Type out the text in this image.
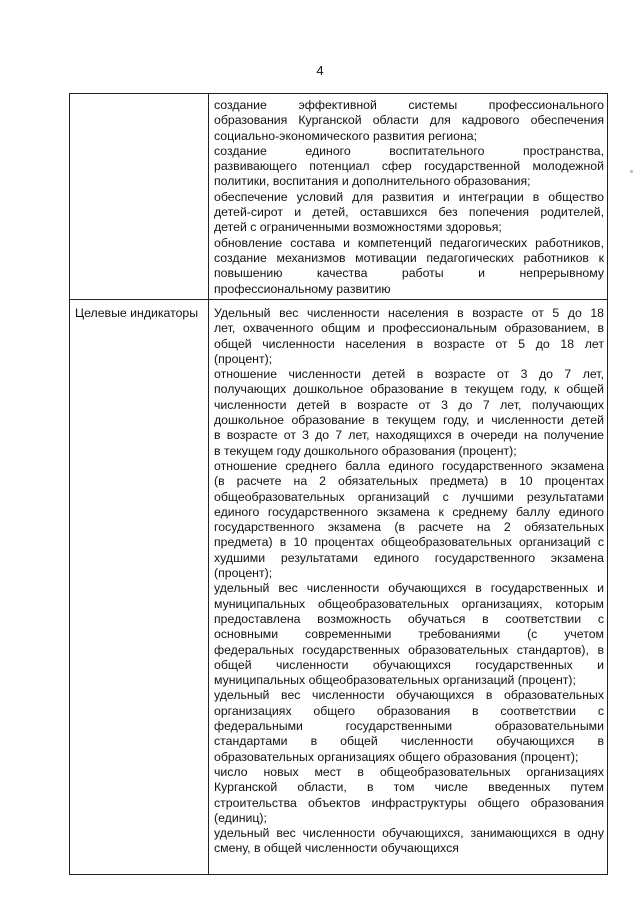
4
создание эффективной системы профессионального
образования Курганской области для кадрового обеспечения
социально-экономического развития региона;
создание единого воспитательного пространства,
развивающего потенциал сфер государственной молодежной
политики, воспитания и дополнительного образования;
обеспечение условий для развития и интеграции в общество
детей-сирот и детей, оставшихся без попечения родителей,
детей с ограниченными возможностями здоровья;
обновление состава и компетенций педагогических работников,
создание механизмов мотивации педагогических работников к
повышению качества работы и непрерывному
профессиональному развитию
Целевые индикаторы Удельный вес численности населения в возрасте от 5 до 18
лет, охваченного общим и профессиональным образованием, в
общей численности населения в возрасте от 5 до 18 лет
(процент);
отношение численности детей в возрасте от 3 до 7 лет,
получающих дошкольное образование в текущем году, к общей
численности детей в возрасте от 3 до 7 лет, получающих
дошкольное образование в текущем году, и численности детей
в возрасте от 3 до 7 лет, находящихся в очереди на получение
в текущем году дошкольного образования (процент);
отношение среднего балла единого государственного экзамена
(в расчете на 2 обязательных предмета) в 10 процентах
общеобразовательных организаций с лучшими результатами
единого государственного экзамена к среднему баллу единого
государственного экзамена (в расчете на 2 обязательных
предмета) в 10 процентах общеобразовательных организаций с
худшими результатами единого государственного экзамена
(процент);
удельный вес численности обучающихся в государственных и
муниципальных общеобразовательных организациях, которым
предоставлена возможность обучаться в соответствии с
основными современными требованиями (с учетом
федеральных государственных образовательных стандартов), в
общей численности обучающихся государственных и
муниципальных общеобразовательных организаций (процент);
удельный вес численности обучающихся в образовательных
организациях общего образования в соответствии с
федеральными государственными образовательными
стандартами в общей численности обучающихся в
образовательных организациях общего образования (процент);
число новых мест в общеобразовательных организациях
Курганской области, в том числе введенных путем
строительства объектов инфраструктуры общего образования
(единиц);
удельный вес численности обучающихся, занимающихся в одну
смену, в общей численности обучающихся
